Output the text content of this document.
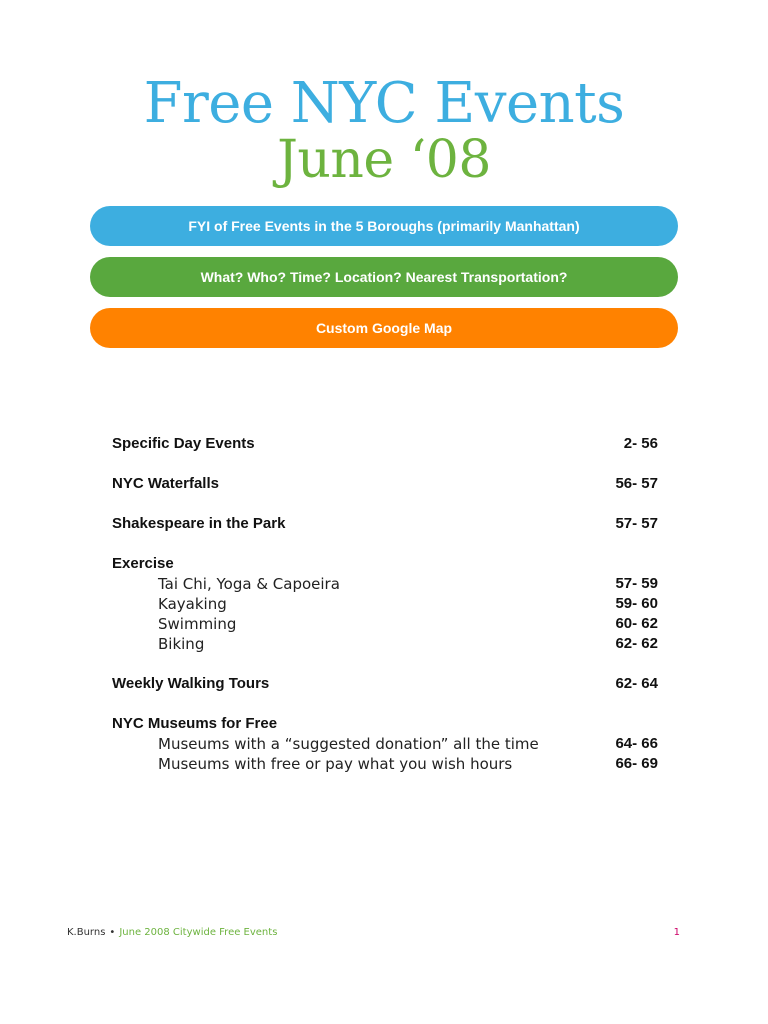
Free NYC Events
June ‘08
FYI of Free Events in the 5 Boroughs (primarily Manhattan)
What? Who? Time? Location? Nearest Transportation?
Custom Google Map
Specific Day Events	2- 56
NYC Waterfalls	56- 57
Shakespeare in the Park	57- 57
Exercise
Tai Chi, Yoga & Capoeira	57- 59
Kayaking	59- 60
Swimming	60- 62
Biking	62- 62
Weekly Walking Tours	62- 64
NYC Museums for Free
Museums with a “suggested donation” all the time	64- 66
Museums with free or pay what you wish hours	66- 69
K.Burns • June 2008 Citywide Free Events	1
